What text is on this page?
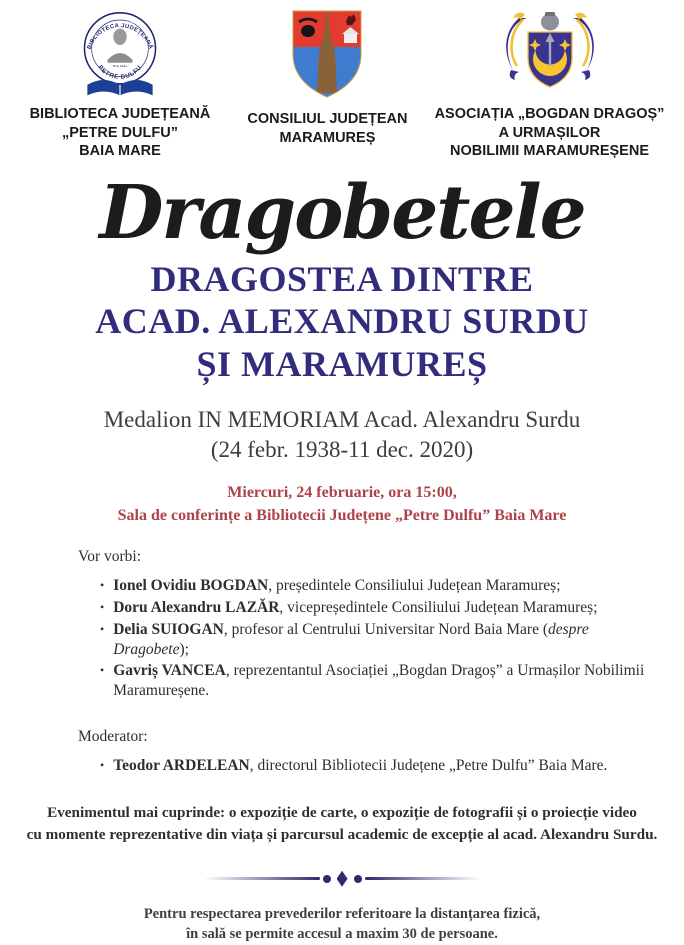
BIBLIOTECA JUDEȚEANĂ
· Baia Mare ·
PETRE DULFU
BIBLIOTECA JUDEȚEANĂ
„PETRE DULFU”
BAIA MARE
CONSILIUL JUDEȚEAN
MARAMUREȘ
ASOCIAȚIA „BOGDAN DRAGOȘ”
A URMAȘILOR
NOBILIMII MARAMUREȘENE
Dragobetele
DRAGOSTEA DINTRE
ACAD. ALEXANDRU SURDU
ȘI MARAMUREȘ
Medalion IN MEMORIAM Acad. Alexandru Surdu
(24 febr. 1938-11 dec. 2020)
Miercuri, 24 februarie, ora 15:00,
Sala de conferințe a Bibliotecii Județene „Petre Dulfu” Baia Mare
Vor vorbi:
• Ionel Ovidiu BOGDAN, președintele Consiliului Județean Maramureș;
• Doru Alexandru LAZĂR, vicepreședintele Consiliului Județean Maramureș;
• Delia SUIOGAN, profesor al Centrului Universitar Nord Baia Mare (despre Dragobete);
• Gavriș VANCEA, reprezentantul Asociației „Bogdan Dragoș” a Urmașilor Nobilimii Maramureșene.
Moderator:
• Teodor ARDELEAN, directorul Bibliotecii Județene „Petre Dulfu” Baia Mare.
Evenimentul mai cuprinde: o expoziție de carte, o expoziție de fotografii și o proiecție video
cu momente reprezentative din viața și parcursul academic de excepție al acad. Alexandru Surdu.
Pentru respectarea prevederilor referitoare la distanțarea fizică,
în sală se permite accesul a maxim 30 de persoane.
